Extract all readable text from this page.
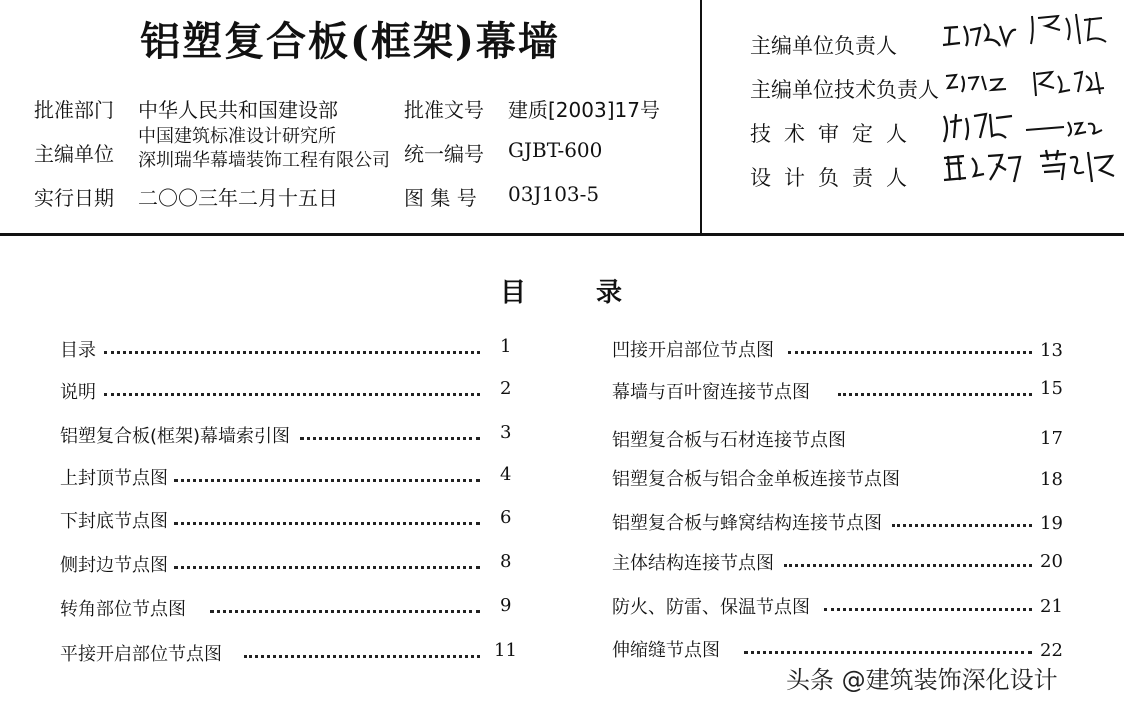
铝塑复合板(框架)幕墙
批准部门 中华人民共和国建设部
主编单位
中国建筑标准设计研究所
深圳瑞华幕墙装饰工程有限公司
实行日期 二〇〇三年二月十五日
批准文号 建质[2003]17号
统一编号 GJBT-600
图 集 号 03J103-5
主编单位负责人
主编单位技术负责人
技术审定人
设计负责人
目录
目录	1
说明	2
铝塑复合板(框架)幕墙索引图	3
上封顶节点图	4
下封底节点图	6
侧封边节点图	8
转角部位节点图	9
平接开启部位节点图	11
凹接开启部位节点图	13
幕墙与百叶窗连接节点图	15
铝塑复合板与石材连接节点图	17
铝塑复合板与铝合金单板连接节点图	18
铝塑复合板与蜂窝结构连接节点图	19
主体结构连接节点图	20
防火、防雷、保温节点图	21
伸缩缝节点图	22
头条 @建筑装饰深化设计
